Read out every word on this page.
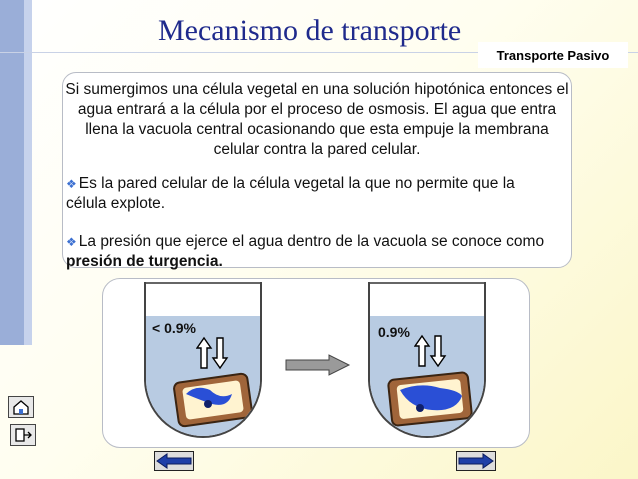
Mecanismo de transporte
Transporte Pasivo
Si sumergimos una célula vegetal en una solución hipotónica entonces el agua entrará a la célula por el proceso de osmosis. El agua que entra llena la vacuola central ocasionando que esta empuje la membrana celular contra la pared celular.
❖ Es la pared celular de la célula vegetal la que no permite que la célula explote.
❖ La presión que ejerce el agua dentro de la vacuola se conoce como presión de turgencia.
< 0.9%	0.9%
